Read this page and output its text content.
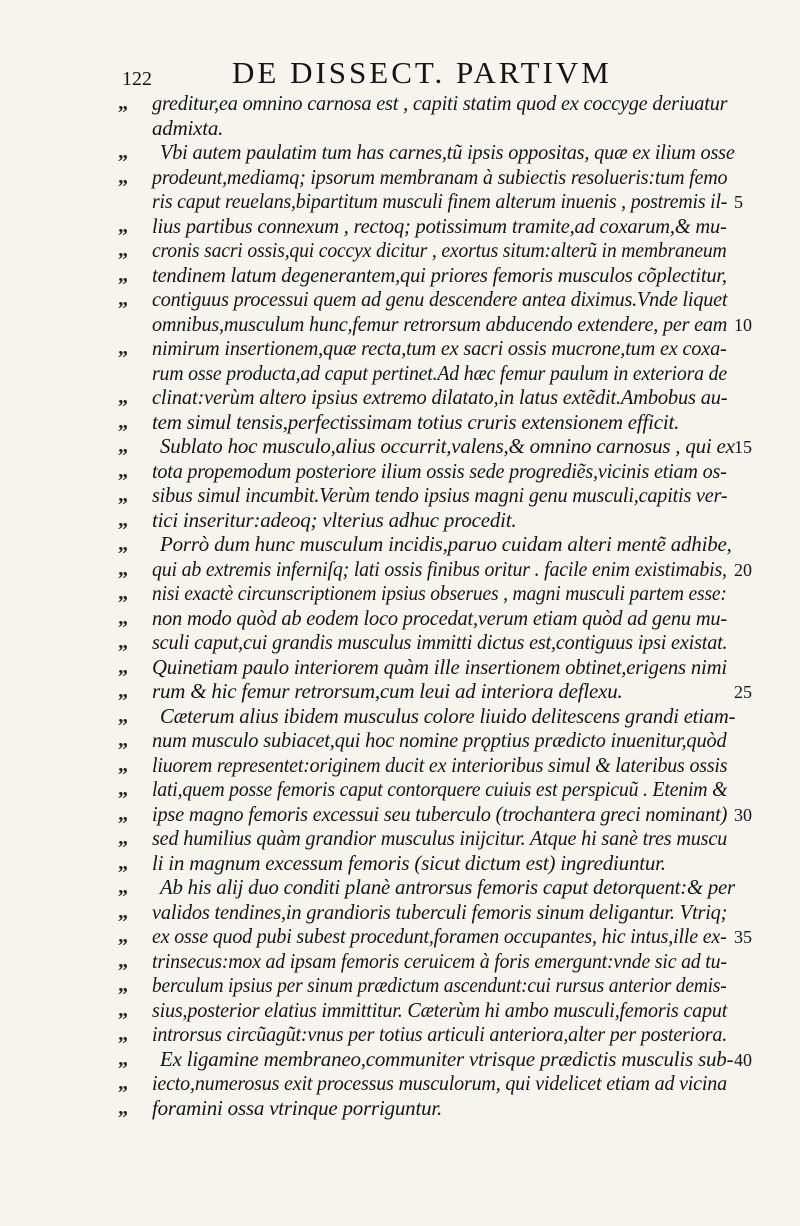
122	DE DISSECT. PARTIVM
„ greditur,ea omnino carnosa est , capiti statim quod ex coccyge deriuatur
admixta.
„ Vbi autem paulatim tum has carnes,tũ ipsis oppositas, quæ ex ilium osse
„ prodeunt,mediamq; ipsorum membranam à subiectis resolueris:tum femo
ris caput reuelans,bipartitum musculi finem alterum inuenis , postremis il- 5
„ lius partibus connexum , rectoq; potissimum tramite,ad coxarum,& mu-
„ cronis sacri ossis,qui coccyx dicitur , exortus situm:alterũ in membraneum
„ tendinem latum degenerantem,qui priores femoris musculos cõplectitur,
„ contiguus processui quem ad genu descendere antea diximus.Vnde liquet
omnibus,musculum hunc,femur retrorsum abducendo extendere, per eam 10
„ nimirum insertionem,quæ recta,tum ex sacri ossis mucrone,tum ex coxa-
rum osse producta,ad caput pertinet.Ad hæc femur paulum in exteriora de
„ clinat:verùm altero ipsius extremo dilatato,in latus extẽdit.Ambobus au-
„ tem simul tensis,perfectissimam totius cruris extensionem efficit.
„ Sublato hoc musculo,alius occurrit,valens,& omnino carnosus , qui ex 15
„ tota propemodum posteriore ilium ossis sede progrediẽs,vicinis etiam os-
„ sibus simul incumbit.Verùm tendo ipsius magni genu musculi,capitis ver-
„ tici inseritur:adeoq; vlterius adhuc procedit.
„ Porrò dum hunc musculum incidis,paruo cuidam alteri mentẽ adhibe,
„ qui ab extremis inferniſq; lati ossis finibus oritur . facile enim existimabis, 20
„ nisi exactè circunscriptionem ipsius obserues , magni musculi partem esse:
„ non modo quòd ab eodem loco procedat,verum etiam quòd ad genu mu-
„ sculi caput,cui grandis musculus immitti dictus est,contiguus ipsi existat.
„ Quinetiam paulo interiorem quàm ille insertionem obtinet,erigens nimi
„ rum & hic femur retrorsum,cum leui ad interiora deflexu.	25
„ Cæterum alius ibidem musculus colore liuido delitescens grandi etiam-
„ num musculo subiacet,qui hoc nomine prǫptius prædicto inuenitur,quòd
„ liuorem representet:originem ducit ex interioribus simul & lateribus ossis
„ lati,quem posse femoris caput contorquere cuiuis est perspicuũ . Etenim &
„ ipse magno femoris excessui seu tuberculo (trochantera greci nominant) 30
„ sed humilius quàm grandior musculus inijcitur. Atque hi sanè tres muscu
„ li in magnum excessum femoris (sicut dictum est) ingrediuntur.
„ Ab his alij duo conditi planè antrorsus femoris caput detorquent:& per
„ validos tendines,in grandioris tuberculi femoris sinum deligantur. Vtriq;
„ ex osse quod pubi subest procedunt,foramen occupantes, hic intus,ille ex- 35
„ trinsecus:mox ad ipsam femoris ceruicem à foris emergunt:vnde sic ad tu-
„ berculum ipsius per sinum prædictum ascendunt:cui rursus anterior demis-
„ sius,posterior elatius immittitur. Cæterùm hi ambo musculi,femoris caput
„ introrsus circũagũt:vnus per totius articuli anteriora,alter per posteriora.
„ Ex ligamine membraneo,communiter vtrisque prædictis musculis sub- 40
„ iecto,numerosus exit processus musculorum, qui videlicet etiam ad vicina
„ foramini ossa vtrinque porriguntur.
